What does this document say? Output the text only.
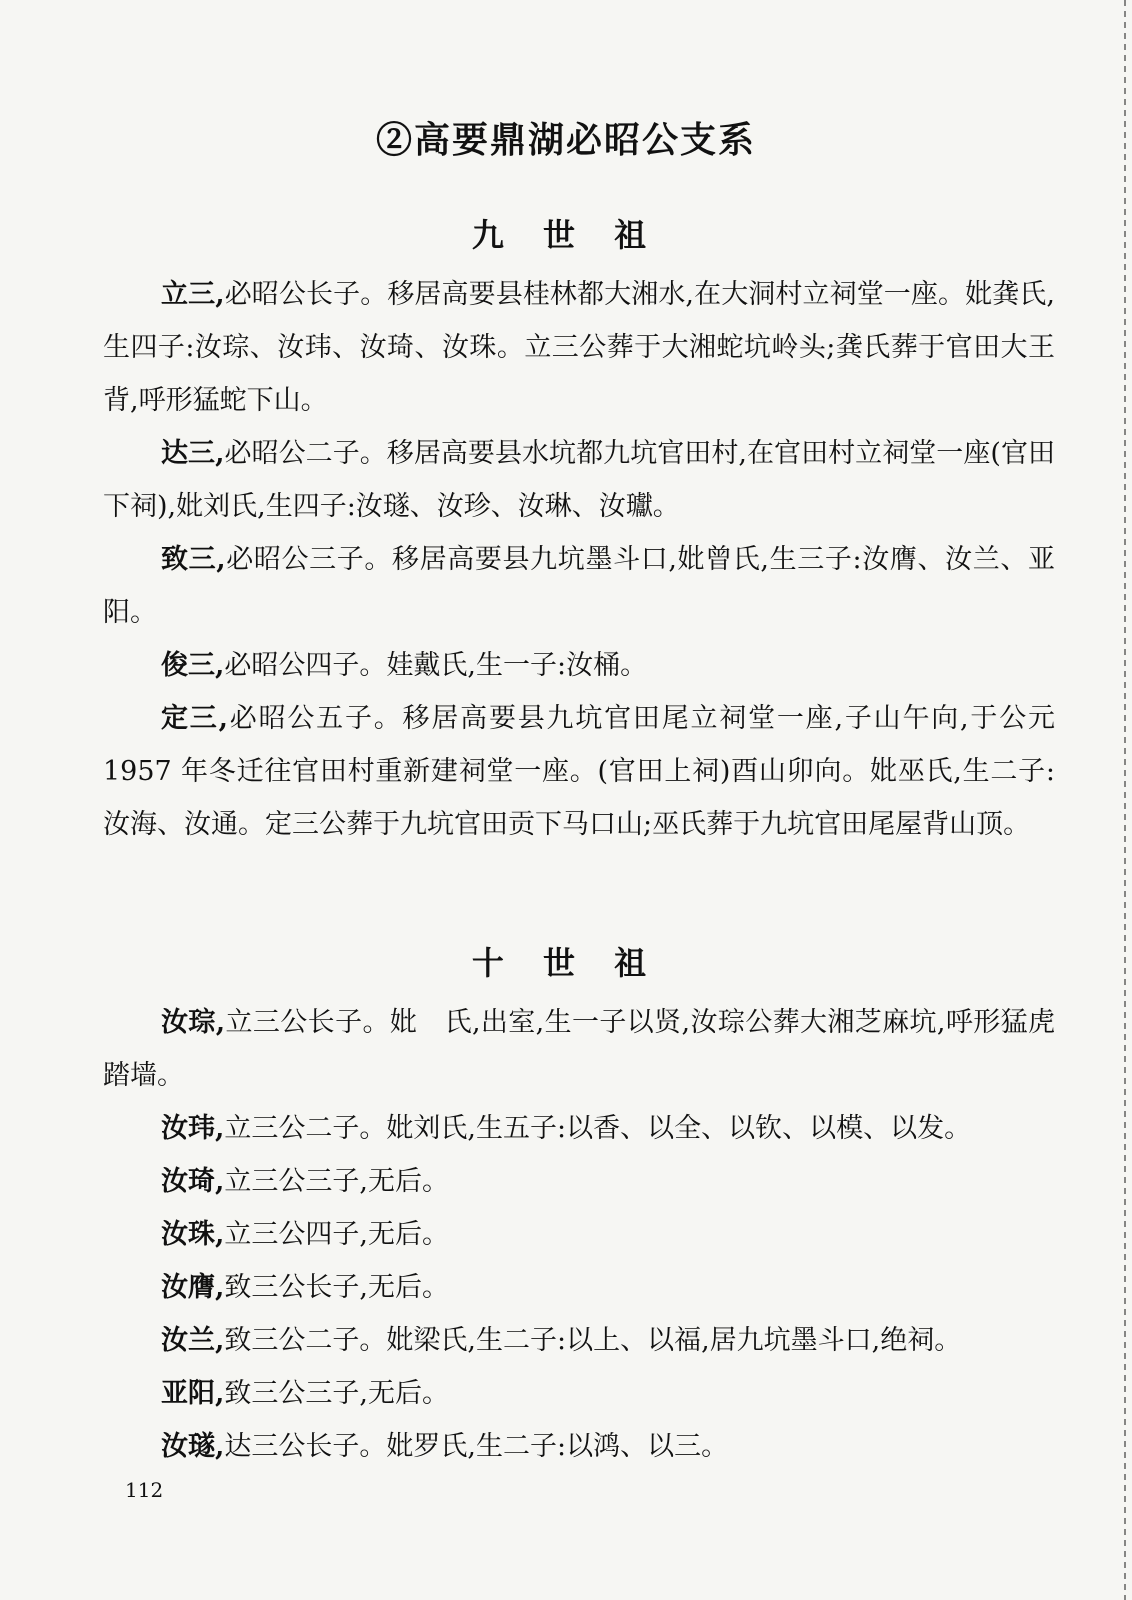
②高要鼎湖必昭公支系
九 世 祖

立三,必昭公长子。移居高要县桂林都大湘水,在大洞村立祠堂一座。妣龚氏,生四子:汝琮、汝玮、汝琦、汝珠。立三公葬于大湘蛇坑岭头;龚氏葬于官田大王背,呼形猛蛇下山。

达三,必昭公二子。移居高要县水坑都九坑官田村,在官田村立祠堂一座(官田下祠),妣刘氏,生四子:汝璲、汝珍、汝琳、汝瓛。

致三,必昭公三子。移居高要县九坑墨斗口,妣曾氏,生三子:汝膺、汝兰、亚阳。

俊三,必昭公四子。娃戴氏,生一子:汝桶。

定三,必昭公五子。移居高要县九坑官田尾立祠堂一座,子山午向,于公元 1957 年冬迁往官田村重新建祠堂一座。(官田上祠)酉山卯向。妣巫氏,生二子:汝海、汝通。定三公葬于九坑官田贡下马口山;巫氏葬于九坑官田尾屋背山顶。

十 世 祖

汝琮,立三公长子。妣　氏,出室,生一子以贤,汝琮公葬大湘芝麻坑,呼形猛虎踏墙。

汝玮,立三公二子。妣刘氏,生五子:以香、以全、以钦、以模、以发。

汝琦,立三公三子,无后。

汝珠,立三公四子,无后。

汝膺,致三公长子,无后。

汝兰,致三公二子。妣梁氏,生二子:以上、以福,居九坑墨斗口,绝祠。

亚阳,致三公三子,无后。

汝璲,达三公长子。妣罗氏,生二子:以鸿、以三。

112
